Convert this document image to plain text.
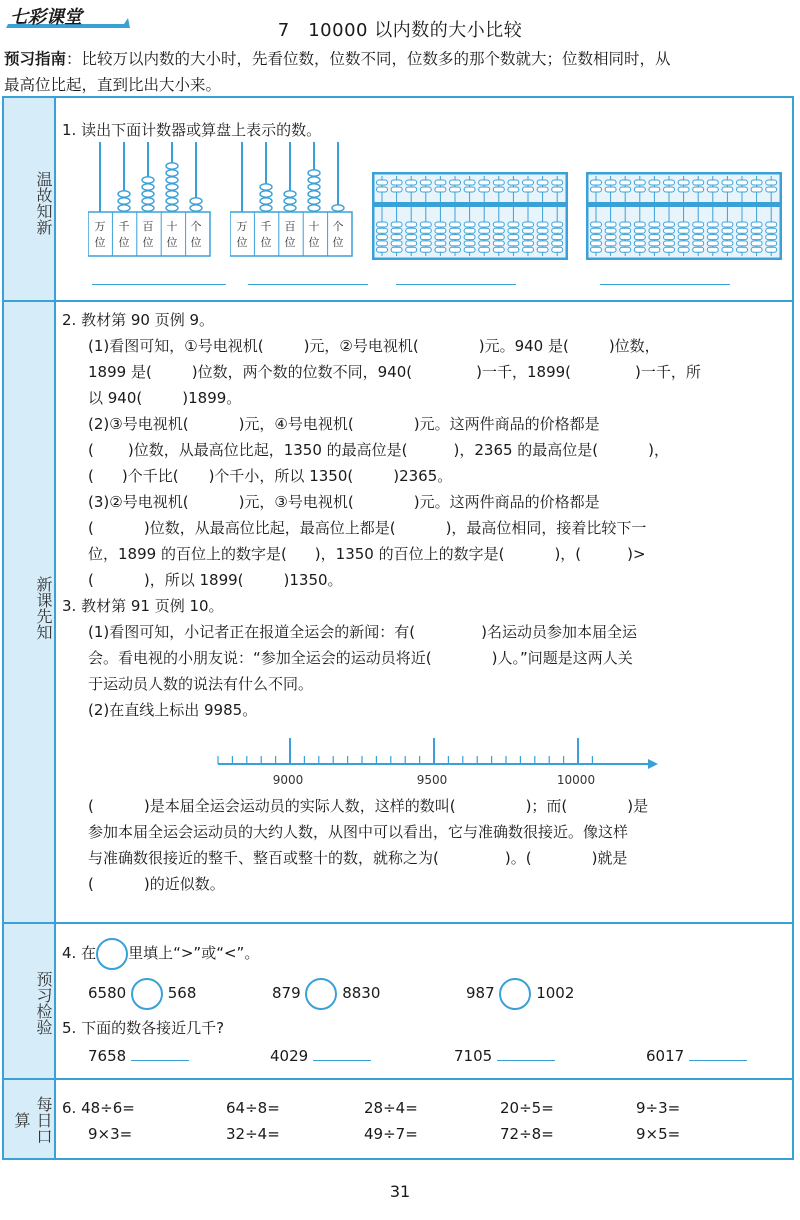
七彩课堂
7　10000 以内数的大小比较
预习指南：比较万以内数的大小时，先看位数，位数不同，位数多的那个数就大；位数相同时，从
最高位比起，直到比出大小来。
温故知新
新课先知
预习检验
每日口算
1. 读出下面计数器或算盘上表示的数。
万
位
千
位
百
位
十
位
个
位
万
位
千
位
百
位
十
位
个
位
2. 教材第 90 页例 9。
(1)看图可知，①号电视机(	)元，②号电视机(	)元。940 是(	)位数，
1899 是(	)位数，两个数的位数不同，940(	)一千，1899(	)一千，所
以 940(	)1899。
(2)③号电视机(	)元，④号电视机(	)元。这两件商品的价格都是
( )位数，从最高位比起，1350 的最高位是(	)，2365 的最高位是(	)，
( )个千比( )个千小，所以 1350(	)2365。
(3)②号电视机(	)元，③号电视机(	)元。这两件商品的价格都是
(	)位数，从最高位比起，最高位上都是(	)，最高位相同，接着比较下一
位，1899 的百位上的数字是( )，1350 的百位上的数字是(	)，(	)>
(	)，所以 1899(	)1350。
3. 教材第 91 页例 10。
(1)看图可知，小记者正在报道全运会的新闻：有(	)名运动员参加本届全运
会。看电视的小朋友说：“参加全运会的运动员将近(	)人。”问题是这两人关
于运动员人数的说法有什么不同。
(2)在直线上标出 9985。
9000	9500	10000
(	)是本届全运会运动员的实际人数，这样的数叫(	)；而(	)是
参加本届全运会运动员的大约人数，从图中可以看出，它与准确数很接近。像这样
与准确数很接近的整千、整百或整十的数，就称之为(	)。(	)就是
(	)的近似数。
4. 在 里填上“>”或“<”。
6580	568	879	8830	987	1002
5. 下面的数各接近几千?
7658	4029	7105	6017
6. 48÷6=	64÷8=	28÷4=	20÷5=	9÷3=
9×3=	32÷4=	49÷7=	72÷8=	9×5=
31
